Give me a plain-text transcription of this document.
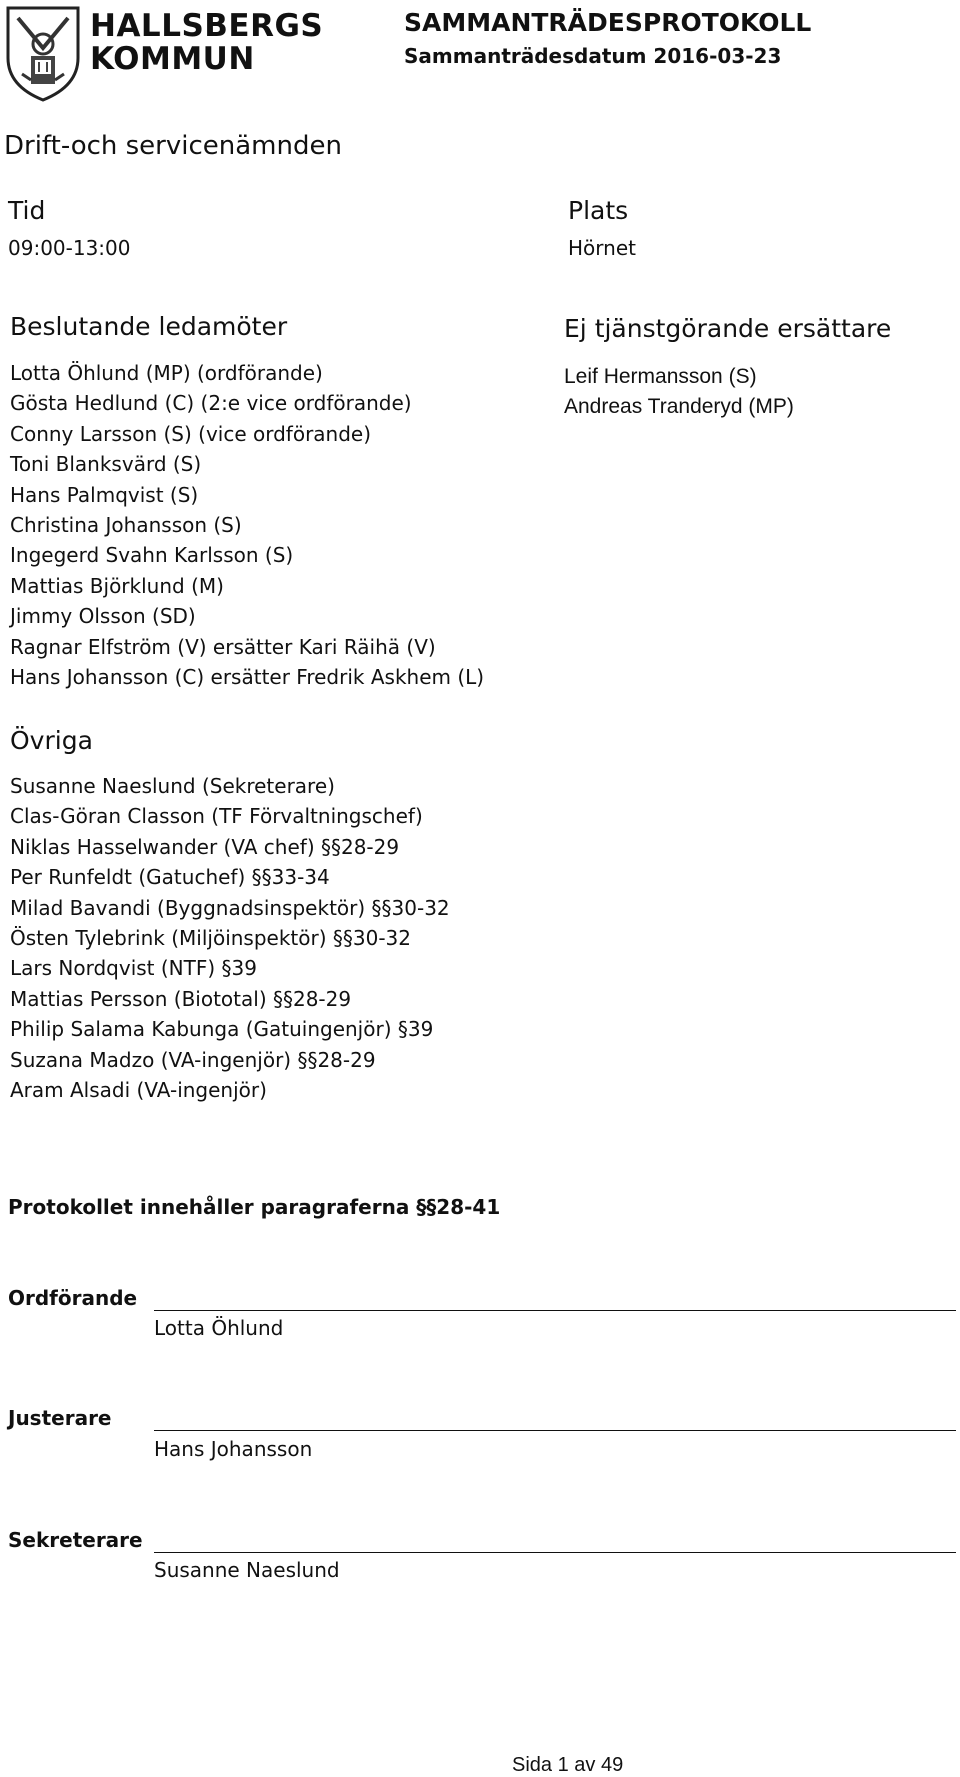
HALLSBERGS
KOMMUN
SAMMANTRÄDESPROTOKOLL
Sammanträdesdatum 2016-03-23
Drift-och servicenämnden
Tid
09:00-13:00
Plats
Hörnet
Beslutande ledamöter
Lotta Öhlund (MP) (ordförande)
Gösta Hedlund (C) (2:e vice ordförande)
Conny Larsson (S) (vice ordförande)
Toni Blanksvärd (S)
Hans Palmqvist (S)
Christina Johansson (S)
Ingegerd Svahn Karlsson (S)
Mattias Björklund (M)
Jimmy Olsson (SD)
Ragnar Elfström (V) ersätter Kari Räihä (V)
Hans Johansson (C) ersätter Fredrik Askhem (L)
Ej tjänstgörande ersättare
Leif Hermansson (S)
Andreas Tranderyd (MP)
Övriga
Susanne Naeslund (Sekreterare)
Clas-Göran Classon (TF Förvaltningschef)
Niklas Hasselwander (VA chef) §§28-29
Per Runfeldt (Gatuchef) §§33-34
Milad Bavandi (Byggnadsinspektör) §§30-32
Östen Tylebrink (Miljöinspektör) §§30-32
Lars Nordqvist (NTF) §39
Mattias Persson (Biototal) §§28-29
Philip Salama Kabunga (Gatuingenjör) §39
Suzana Madzo (VA-ingenjör) §§28-29
Aram Alsadi (VA-ingenjör)
Protokollet innehåller paragraferna §§28-41
Ordförande
Lotta Öhlund
Justerare
Hans Johansson
Sekreterare
Susanne Naeslund
Sida 1 av 49
